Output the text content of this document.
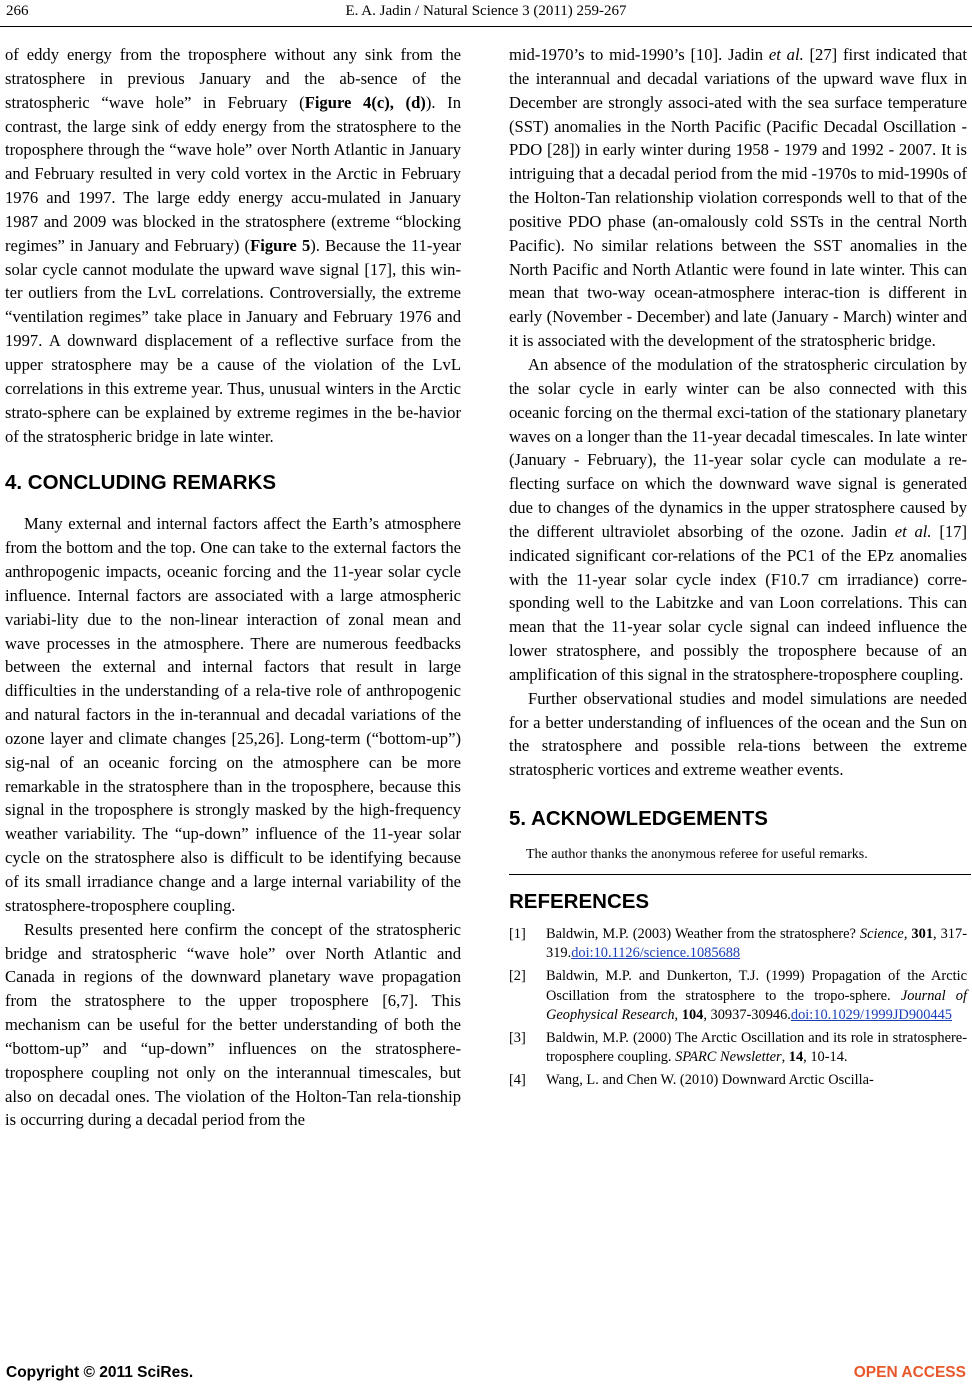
266	E. A. Jadin / Natural Science 3 (2011) 259-267

of eddy energy from the troposphere without any sink from the stratosphere in previous January and the ab-sence of the stratospheric “wave hole” in February (Figure 4(c), (d)). In contrast, the large sink of eddy energy from the stratosphere to the troposphere through the “wave hole” over North Atlantic in January and February resulted in very cold vortex in the Arctic in February 1976 and 1997. The large eddy energy accu-mulated in January 1987 and 2009 was blocked in the stratosphere (extreme “blocking regimes” in January and February) (Figure 5). Because the 11-year solar cycle cannot modulate the upward wave signal [17], this win-ter outliers from the LvL correlations. Controversially, the extreme “ventilation regimes” take place in January and February 1976 and 1997. A downward displacement of a reflective surface from the upper stratosphere may be a cause of the violation of the LvL correlations in this extreme year. Thus, unusual winters in the Arctic strato-sphere can be explained by extreme regimes in the be-havior of the stratospheric bridge in late winter.

4. CONCLUDING REMARKS

Many external and internal factors affect the Earth’s atmosphere from the bottom and the top. One can take to the external factors the anthropogenic impacts, oceanic forcing and the 11-year solar cycle influence. Internal factors are associated with a large atmospheric variabi-lity due to the non-linear interaction of zonal mean and wave processes in the atmosphere. There are numerous feedbacks between the external and internal factors that result in large difficulties in the understanding of a rela-tive role of anthropogenic and natural factors in the in-terannual and decadal variations of the ozone layer and climate changes [25,26]. Long-term (“bottom-up”) sig-nal of an oceanic forcing on the atmosphere can be more remarkable in the stratosphere than in the troposphere, because this signal in the troposphere is strongly masked by the high-frequency weather variability. The “up-down” influence of the 11-year solar cycle on the stratosphere also is difficult to be identifying because of its small irradiance change and a large internal variability of the stratosphere-troposphere coupling.

Results presented here confirm the concept of the stratospheric bridge and stratospheric “wave hole” over North Atlantic and Canada in regions of the downward planetary wave propagation from the stratosphere to the upper troposphere [6,7]. This mechanism can be useful for the better understanding of both the “bottom-up” and “up-down” influences on the stratosphere-troposphere coupling not only on the interannual timescales, but also on decadal ones. The violation of the Holton-Tan rela-tionship is occurring during a decadal period from the

mid-1970’s to mid-1990’s [10]. Jadin et al. [27] first indicated that the interannual and decadal variations of the upward wave flux in December are strongly associ-ated with the sea surface temperature (SST) anomalies in the North Pacific (Pacific Decadal Oscillation - PDO [28]) in early winter during 1958 - 1979 and 1992 - 2007. It is intriguing that a decadal period from the mid -1970s to mid-1990s of the Holton-Tan relationship violation corresponds well to that of the positive PDO phase (an-omalously cold SSTs in the central North Pacific). No similar relations between the SST anomalies in the North Pacific and North Atlantic were found in late winter. This can mean that two-way ocean-atmosphere interac-tion is different in early (November - December) and late (January - March) winter and it is associated with the development of the stratospheric bridge.

An absence of the modulation of the stratospheric circulation by the solar cycle in early winter can be also connected with this oceanic forcing on the thermal exci-tation of the stationary planetary waves on a longer than the 11-year decadal timescales. In late winter (January - February), the 11-year solar cycle can modulate a re-flecting surface on which the downward wave signal is generated due to changes of the dynamics in the upper stratosphere caused by the different ultraviolet absorbing of the ozone. Jadin et al. [17] indicated significant cor-relations of the PC1 of the EPz anomalies with the 11-year solar cycle index (F10.7 cm irradiance) corre-sponding well to the Labitzke and van Loon correlations. This can mean that the 11-year solar cycle signal can indeed influence the lower stratosphere, and possibly the troposphere because of an amplification of this signal in the stratosphere-troposphere coupling.

Further observational studies and model simulations are needed for a better understanding of influences of the ocean and the Sun on the stratosphere and possible rela-tions between the extreme stratospheric vortices and extreme weather events.

5. ACKNOWLEDGEMENTS

The author thanks the anonymous referee for useful remarks.

REFERENCES
[1] Baldwin, M.P. (2003) Weather from the stratosphere? Science, 301, 317-319.doi:10.1126/science.1085688
[2] Baldwin, M.P. and Dunkerton, T.J. (1999) Propagation of the Arctic Oscillation from the stratosphere to the tropo-sphere. Journal of Geophysical Research, 104, 30937-30946.doi:10.1029/1999JD900445
[3] Baldwin, M.P. (2000) The Arctic Oscillation and its role in stratosphere-troposphere coupling. SPARC Newsletter, 14, 10-14.
[4] Wang, L. and Chen W. (2010) Downward Arctic Oscilla-
Copyright © 2011 SciRes.	OPEN ACCESS
